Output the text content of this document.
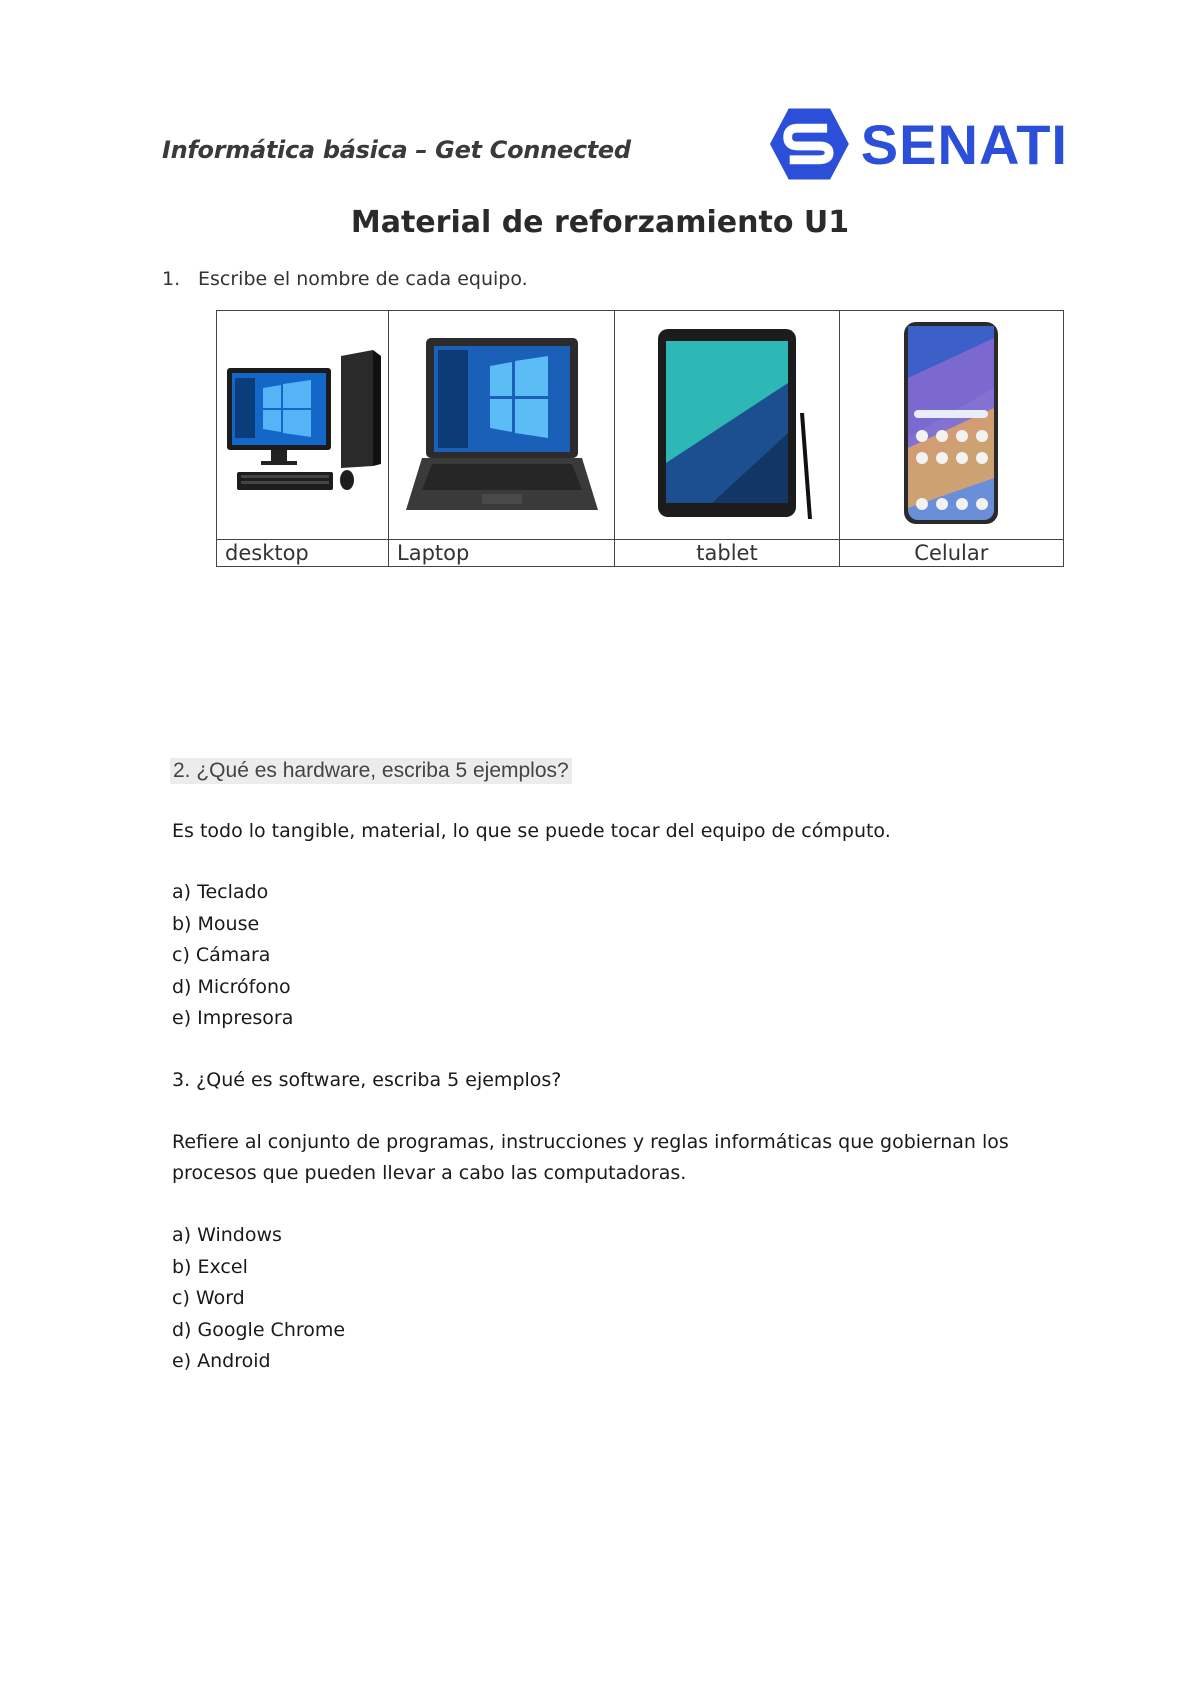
Informática básica – Get Connected	SENATI
Material de reforzamiento U1
1. Escribe el nombre de cada equipo.

desktop	Laptop	tablet	Celular
2. ¿Qué es hardware, escriba 5 ejemplos?
Es todo lo tangible, material, lo que se puede tocar del equipo de cómputo.
a) Teclado
b) Mouse
c) Cámara
d) Micrófono
e) Impresora
3. ¿Qué es software, escriba 5 ejemplos?
Refiere al conjunto de programas, instrucciones y reglas informáticas que gobiernan los
procesos que pueden llevar a cabo las computadoras.
a) Windows
b) Excel
c) Word
d) Google Chrome
e) Android
